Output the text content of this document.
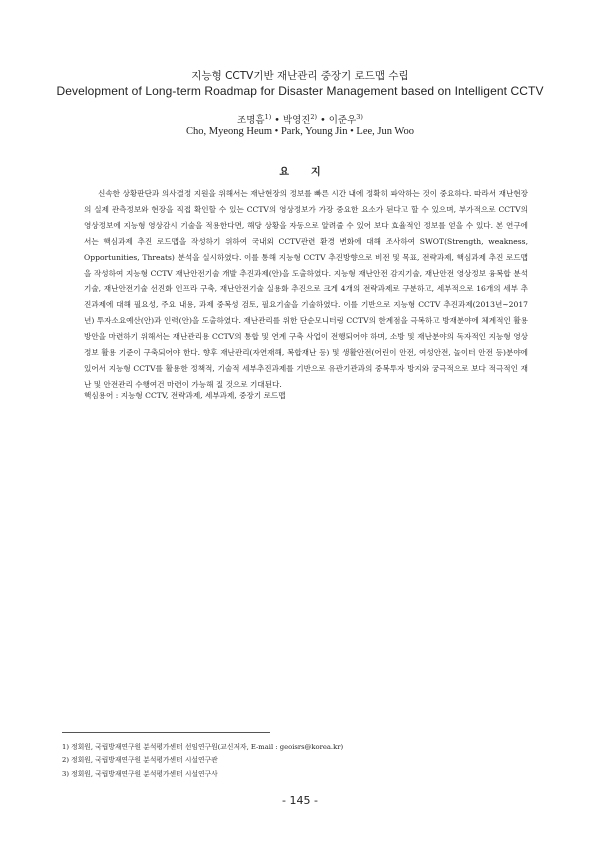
지능형 CCTV기반 재난관리 중장기 로드맵 수립
Development of Long-term Roadmap for Disaster Management based on Intelligent CCTV
조명흠$^{1)}$ • 박영진$^{2)}$ • 이준우$^{3)}$
Cho, Myeong Heum • Park, Young Jin • Lee, Jun Woo
요지

신속한 상황판단과 의사결정 지원을 위해서는 재난현장의 정보를 빠른 시간 내에 정확히 파악하는 것이 중요하다. 따라서 재난현장의 실제 관측정보와 현장을 직접 확인할 수 있는 CCTV의 영상정보가 가장 중요한 요소가 된다고 할 수 있으며, 부가적으로 CCTV의 영상정보에 지능형 영상감시 기술을 적용한다면, 해당 상황을 자동으로 알려줄 수 있어 보다 효율적인 정보를 얻을 수 있다. 본 연구에서는 핵심과제 추진 로드맵을 작성하기 위하여 국내외 CCTV관련 환경 변화에 대해 조사하여 SWOT(Strength, weakness, Opportunities, Threats) 분석을 실시하였다. 이를 통해 지능형 CCTV 추진방향으로 비전 및 목표, 전략과제, 핵심과제 추진 로드맵을 작성하여 지능형 CCTV 재난안전기술 개발 추진과제(안)을 도출하였다. 지능형 재난안전 감지기술, 재난안전 영상정보 융복합 분석기술, 재난안전기술 선진화 인프라 구축, 재난안전기술 실용화 추진으로 크게 4개의 전략과제로 구분하고, 세부적으로 16개의 세부 추진과제에 대해 필요성, 주요 내용, 과제 중복성 검토, 필요기술을 기술하였다. 이를 기반으로 지능형 CCTV 추진과제(2013년~2017년) 투자소요예산(안)과 인력(안)을 도출하였다. 재난관리를 위한 단순모니터링 CCTV의 한계점을 극복하고 방재분야에 체계적인 활용 방안을 마련하기 위해서는 재난관리용 CCTV의 통합 및 연계 구축 사업이 전행되어야 하며, 소방 및 재난분야의 독자적인 지능형 영상정보 활용 기준이 구축되어야 한다. 향후 재난관리(자연재해, 복합재난 등) 및 생활안전(어린이 안전, 여성안전, 놀이터 안전 등)분야에 있어서 지능형 CCTV를 활용한 정책적, 기술적 세부추진과제를 기반으로 유관기관과의 중복투자 방지와 궁극적으로 보다 적극적인 재난 및 안전관리 수행여건 마련이 가능해 질 것으로 기대된다.

핵심용어 : 지능형 CCTV, 전략과제, 세부과제, 중장기 로드맵
1) 정회원, 국립방재연구원 분석평가센터 선임연구원(교신저자, E-mail : geoisrs@korea.kr)
2) 정회원, 국립방재연구원 분석평가센터 시설연구관
3) 정회원, 국립방재연구원 분석평가센터 시설연구사
- 145 -
